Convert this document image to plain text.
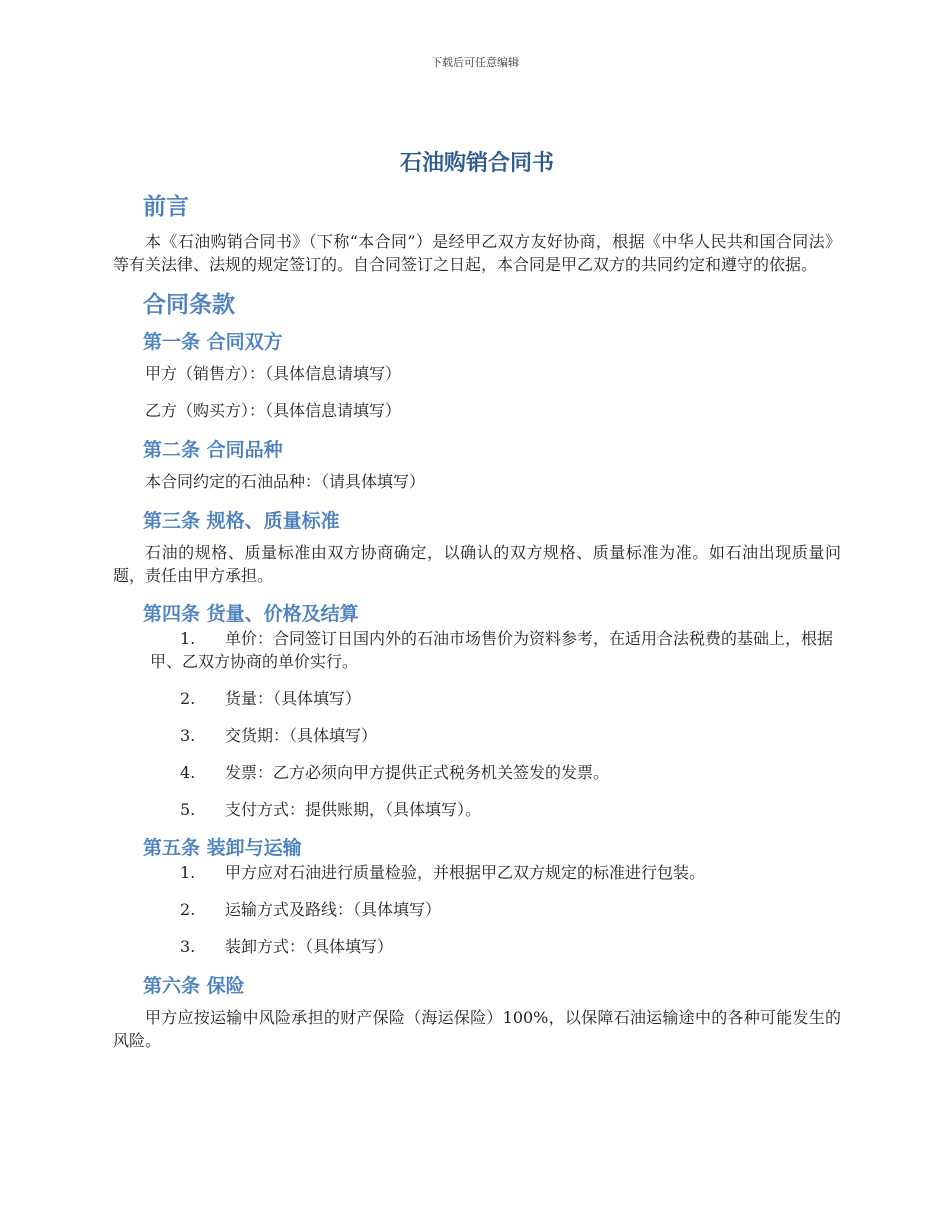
下载后可任意编辑
石油购销合同书
前言

本《石油购销合同书》（下称“本合同”）是经甲乙双方友好协商，根据《中华人民共和国合同法》等有关法律、法规的规定签订的。自合同签订之日起，本合同是甲乙双方的共同约定和遵守的依据。

合同条款
第一条 合同双方

甲方（销售方）：（具体信息请填写）

乙方（购买方）：（具体信息请填写）

第二条 合同品种

本合同约定的石油品种：（请具体填写）

第三条 规格、质量标准

石油的规格、质量标准由双方协商确定，以确认的双方规格、质量标准为准。如石油出现质量问题，责任由甲方承担。

第四条 货量、价格及结算
1. 单价：合同签订日国内外的石油市场售价为资料参考，在适用合法税费的基础上，根据甲、乙双方协商的单价实行。
2. 货量：（具体填写）
3. 交货期：（具体填写）
4. 发票：乙方必须向甲方提供正式税务机关签发的发票。
5. 支付方式：提供账期，（具体填写）。
第五条 装卸与运输
1. 甲方应对石油进行质量检验，并根据甲乙双方规定的标准进行包装。
2. 运输方式及路线：（具体填写）
3. 装卸方式：（具体填写）
第六条 保险

甲方应按运输中风险承担的财产保险（海运保险）100%，以保障石油运输途中的各种可能发生的风险。
